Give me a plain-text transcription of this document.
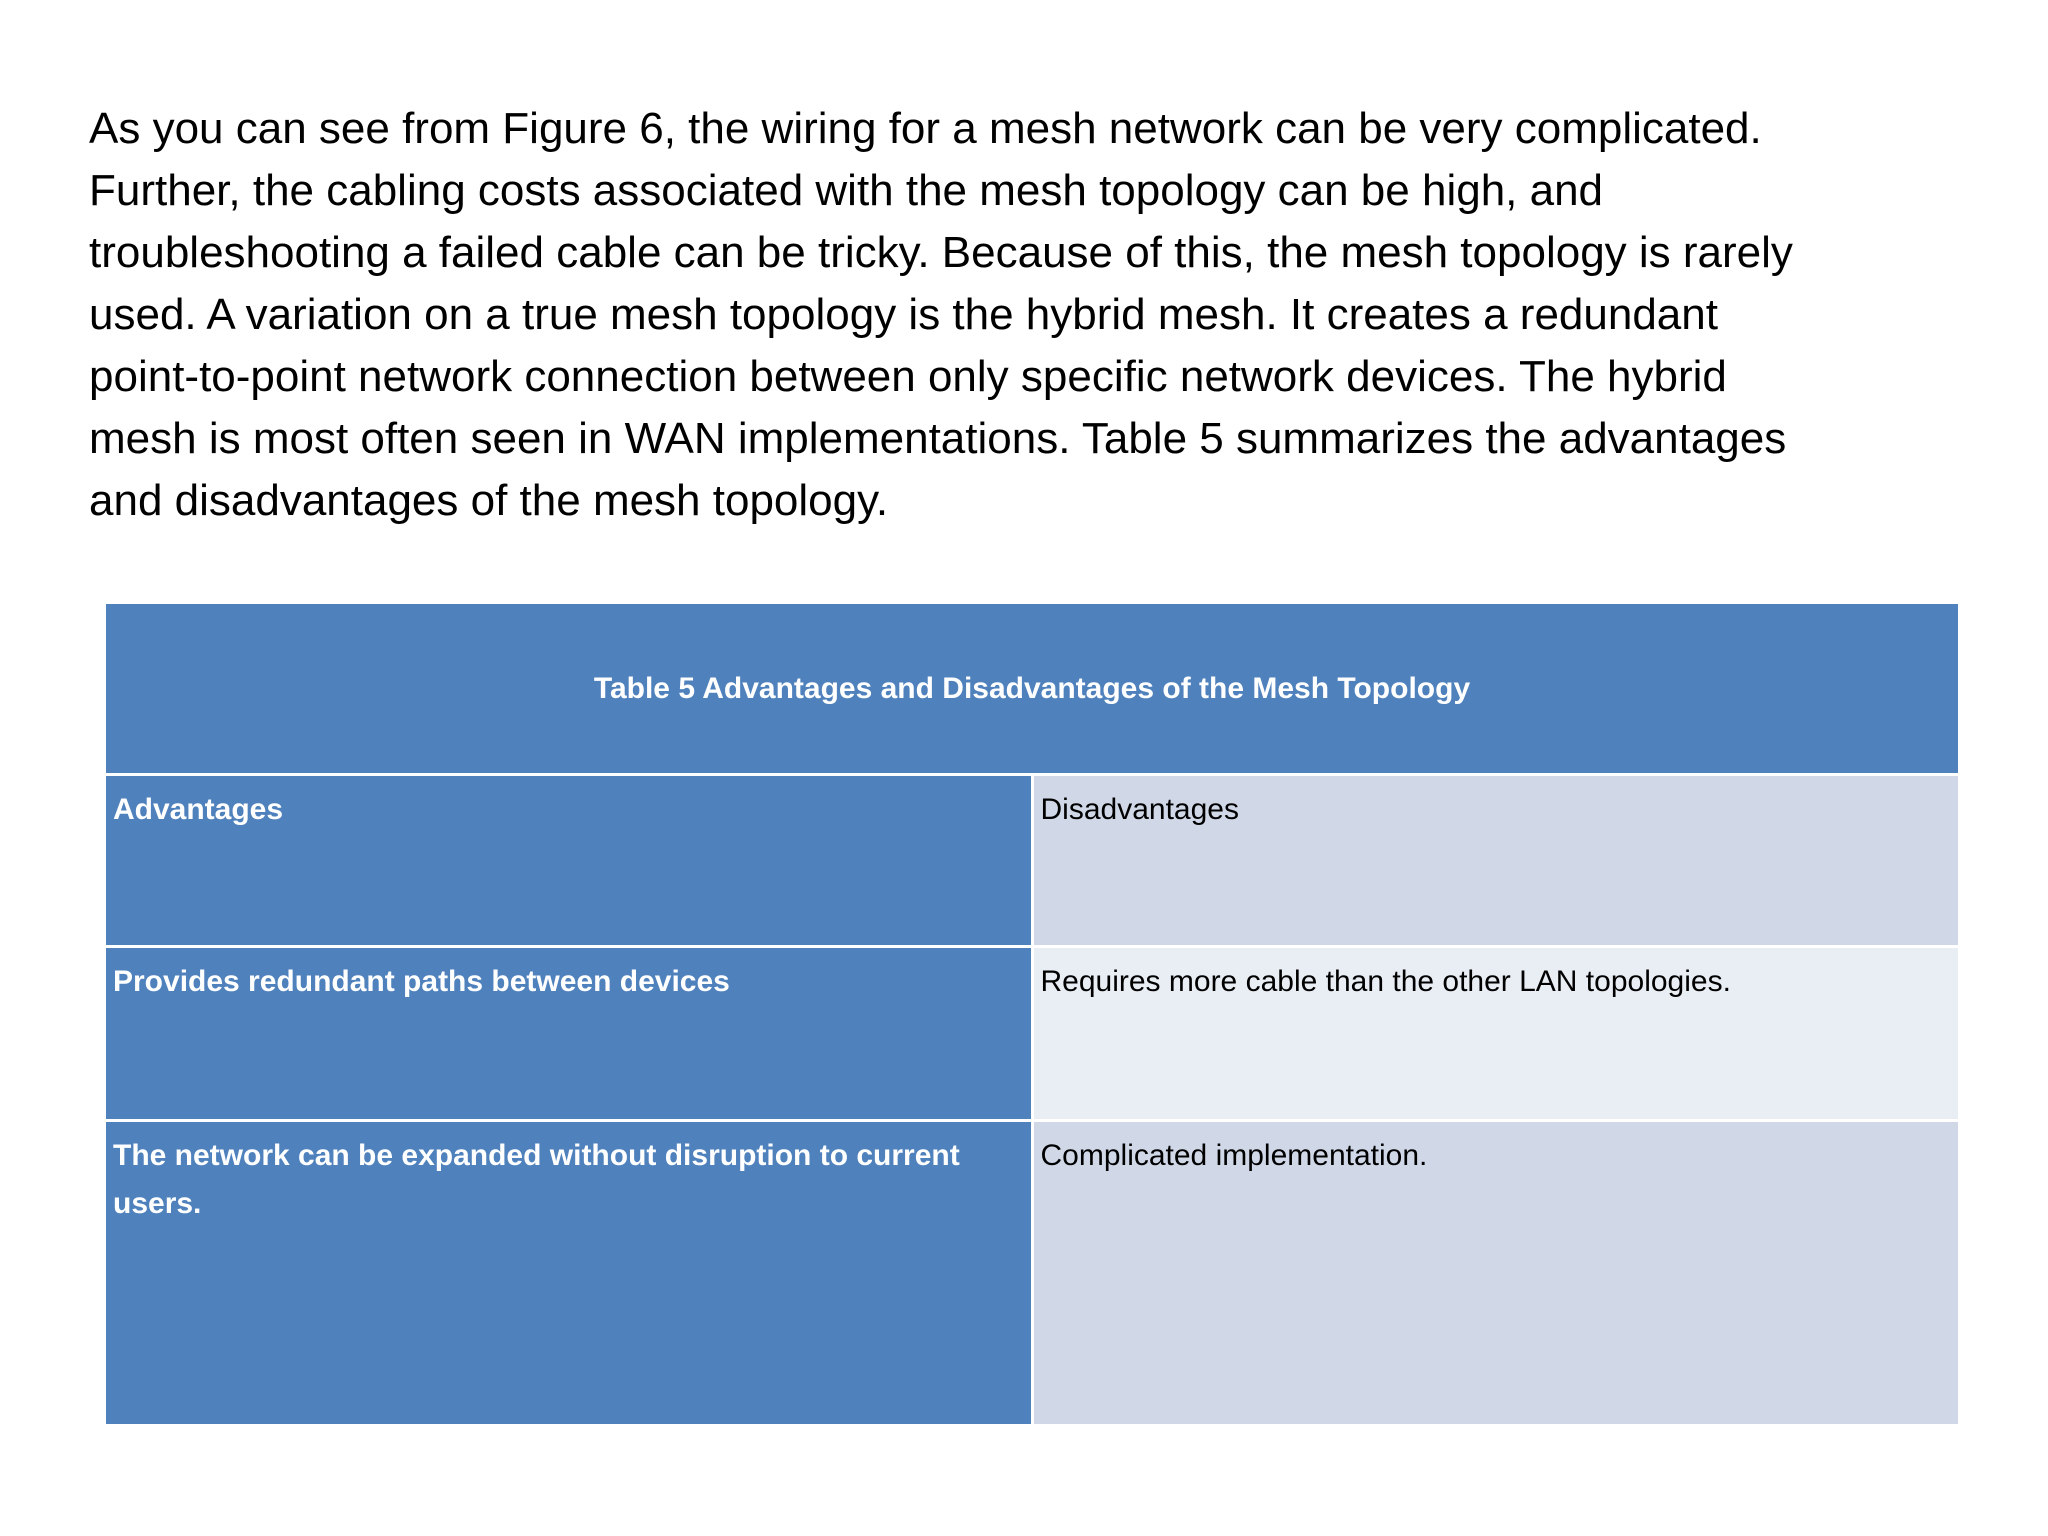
As you can see from Figure 6, the wiring for a mesh network can be very complicated.
Further, the cabling costs associated with the mesh topology can be high, and
troubleshooting a failed cable can be tricky. Because of this, the mesh topology is rarely
used. A variation on a true mesh topology is the hybrid mesh. It creates a redundant
point-to-point network connection between only specific network devices. The hybrid
mesh is most often seen in WAN implementations. Table 5 summarizes the advantages
and disadvantages of the mesh topology.

Table 5 Advantages and Disadvantages of the Mesh Topology	
Advantages	Disadvantages
Provides redundant paths between devices	Requires more cable than the other LAN topologies.
The network can be expanded without disruption to current users.	Complicated implementation.
